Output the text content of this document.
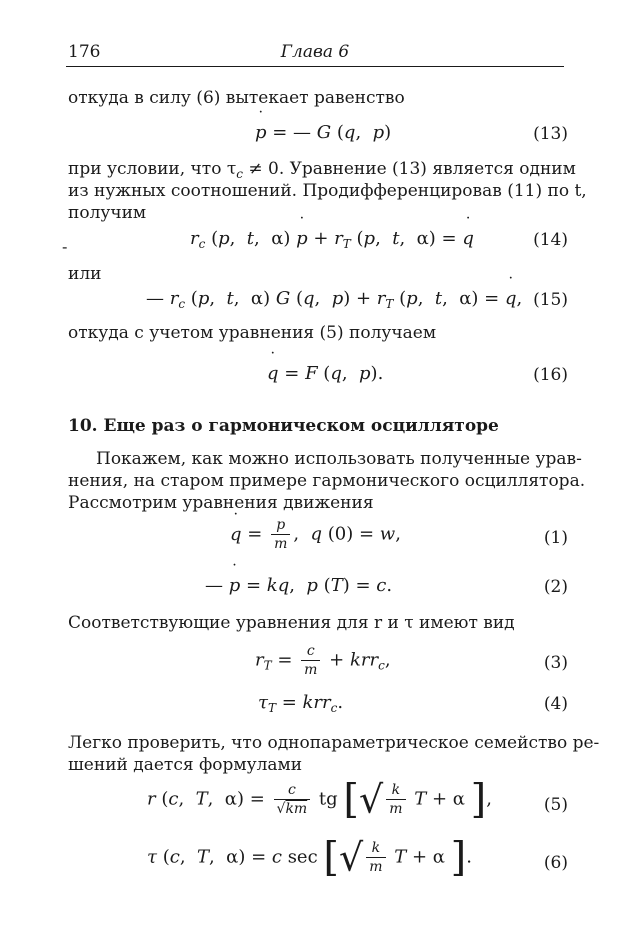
176	Глава 6
откуда в силу (6) вытекает равенство
˙ p = — G (q,  p)	(13)
при условии, что $\tau_c \ne 0$. Уравнение (13) является одним
из нужных соотношений. Продифференцировав (11) по t,
получим
-	$r_c$ (p,  t,  α) ˙ $p + r_T$ (p,  t,  α) = ˙ q	(14)
или
— $r_c$ (p,  t,  α) G (q,  $p) + r_T$ (p,  t,  α) = ˙ q, (15)
откуда с учетом уравнения (5) получаем
˙ q = F (q,  p).	(16)
10. Еще раз о гармоническом осцилляторе
Покажем, как можно использовать полученные урав-
нения, на старом примере гармонического осциллятора.
Рассмотрим уравнения движения
˙ $q = \frac{p}{m}$ ,  q (0) = w,	(1)
— ˙ p = kq,  p (T) = c.	(2)
Соответствующие уравнения для r и τ имеют вид
$r_T = \frac{c}{m} + krr_c$,	(3)
$\tau_T = krr_c$.	(4)
Легко проверить, что однопараметрическое семейство ре-
шений дается формулами
r (c,  T,  $\alpha) = \frac{c}{√km}$ tg [√ $\frac{k}{m}$ T + α ],	(5)
τ (c,  T,  α) = c sec [√ $\frac{k}{m}$ T + α ].	(6)
